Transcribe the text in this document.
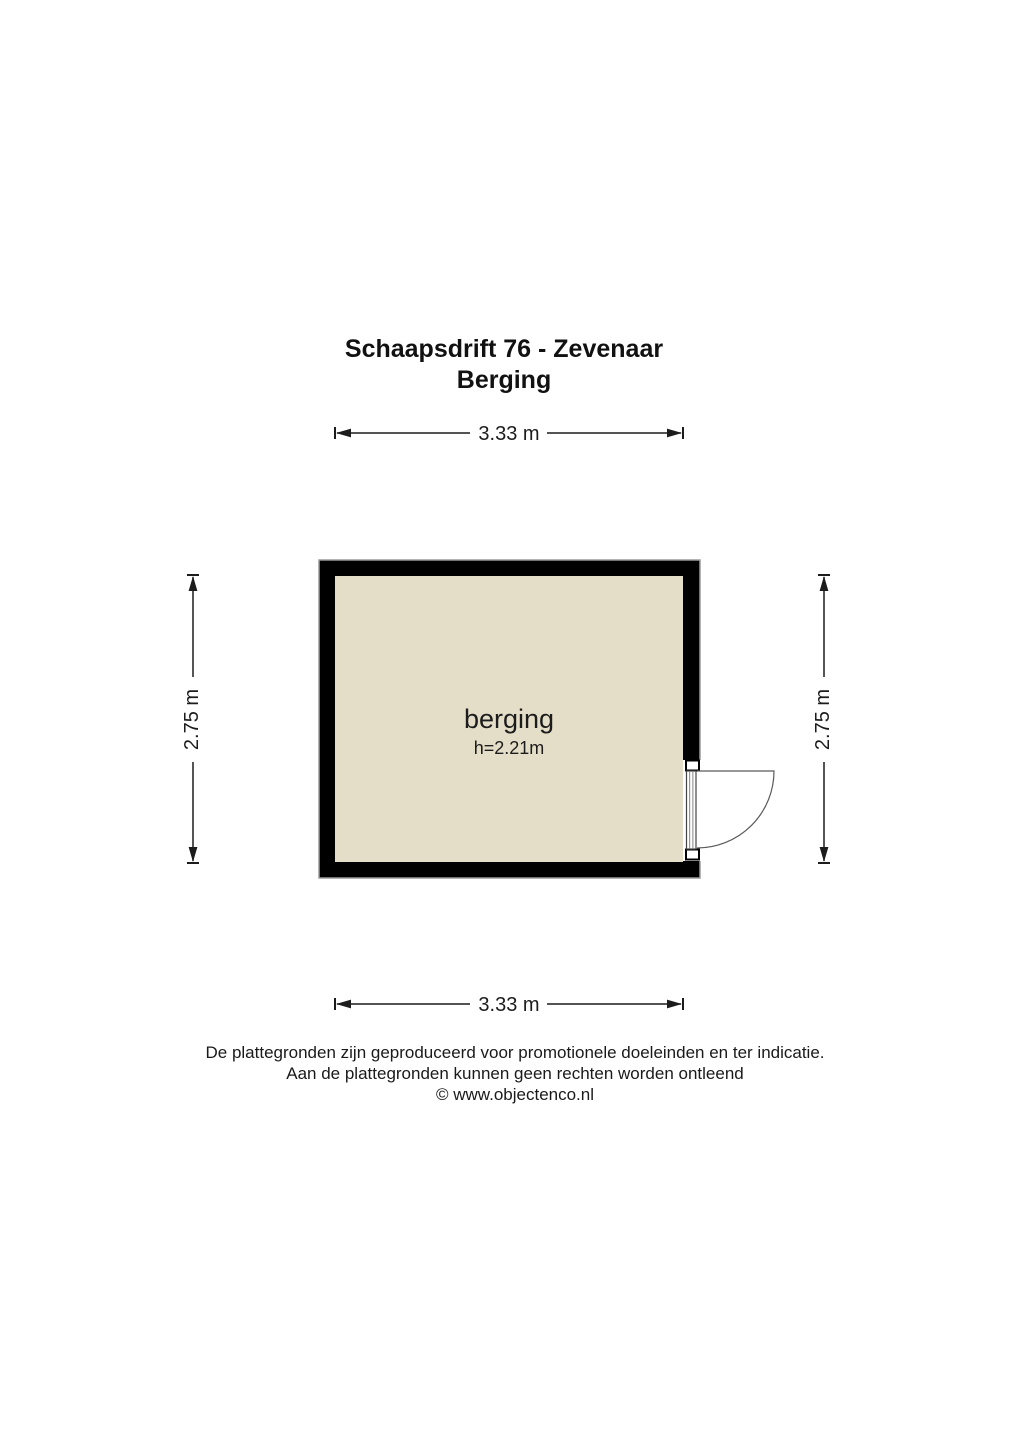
Schaapsdrift 76 - Zevenaar
Berging
3.33 m
berging
h=2.21m
2.75 m	2.75 m
3.33 m
De plattegronden zijn geproduceerd voor promotionele doeleinden en ter indicatie.
Aan de plattegronden kunnen geen rechten worden ontleend
© www.objectenco.nl
